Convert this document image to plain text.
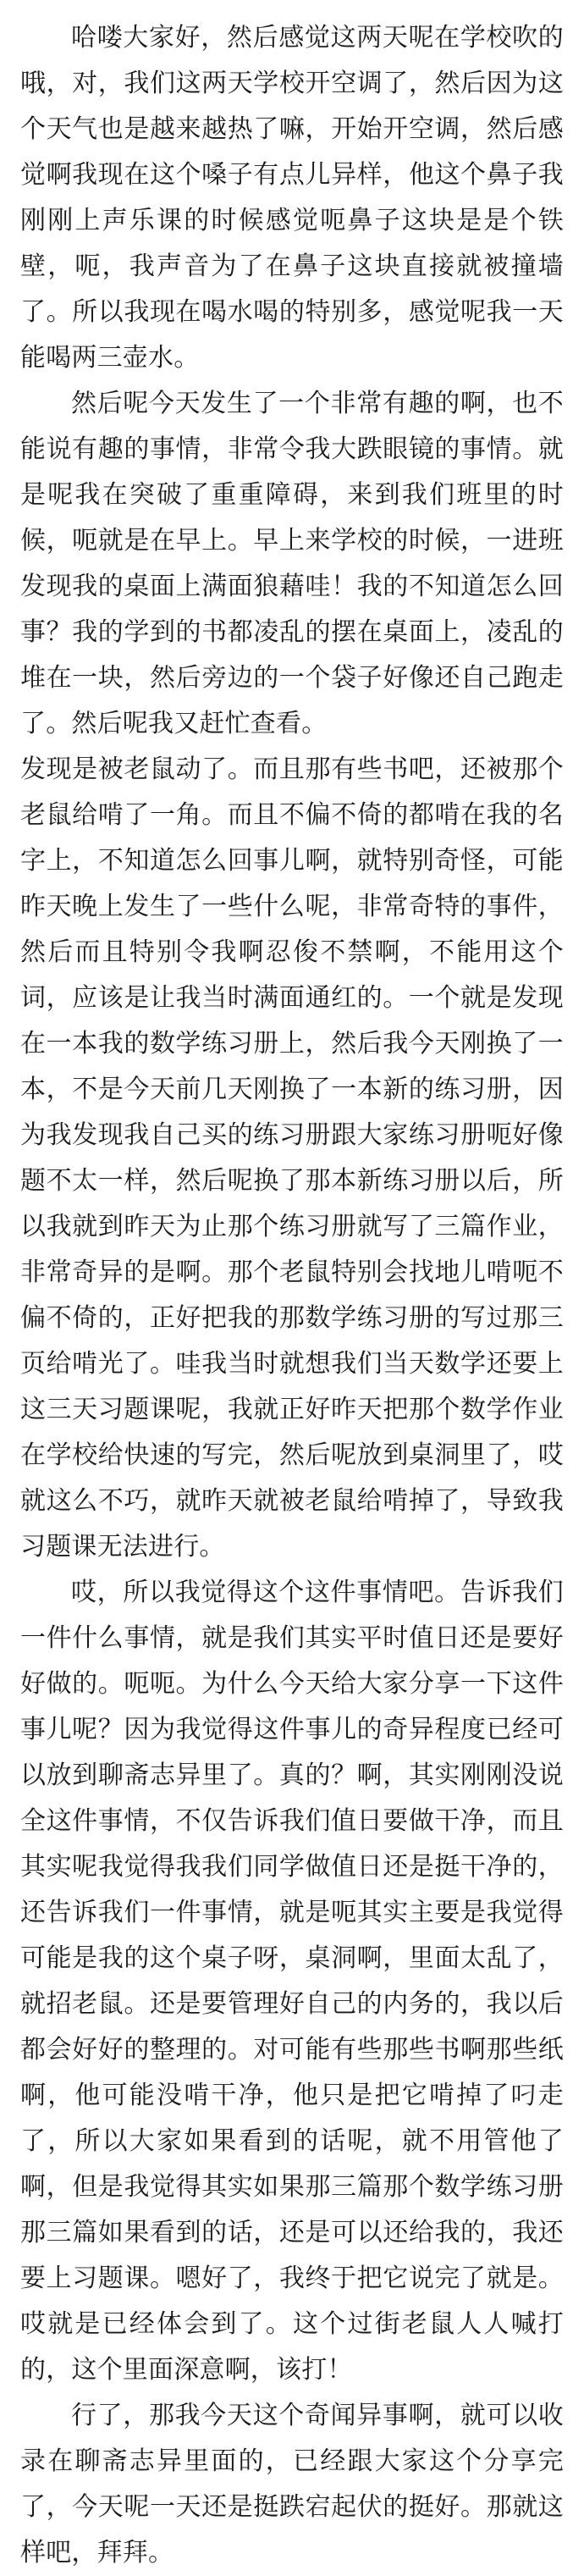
哈喽大家好，然后感觉这两天呢在学校吹的哦，对，我们这两天学校开空调了，然后因为这个天气也是越来越热了嘛，开始开空调，然后感觉啊我现在这个嗓子有点儿异样，他这个鼻子我刚刚上声乐课的时候感觉呃鼻子这块是是个铁壁，呃，我声音为了在鼻子这块直接就被撞墙了。所以我现在喝水喝的特别多，感觉呢我一天能喝两三壶水。

然后呢今天发生了一个非常有趣的啊，也不能说有趣的事情，非常令我大跌眼镜的事情。就是呢我在突破了重重障碍，来到我们班里的时候，呃就是在早上。早上来学校的时候，一进班发现我的桌面上满面狼藉哇！我的不知道怎么回事？我的学到的书都凌乱的摆在桌面上，凌乱的堆在一块，然后旁边的一个袋子好像还自己跑走了。然后呢我又赶忙查看。

发现是被老鼠动了。而且那有些书吧，还被那个老鼠给啃了一角。而且不偏不倚的都啃在我的名字上，不知道怎么回事儿啊，就特别奇怪，可能昨天晚上发生了一些什么呢，非常奇特的事件，然后而且特别令我啊忍俊不禁啊，不能用这个词，应该是让我当时满面通红的。一个就是发现在一本我的数学练习册上，然后我今天刚换了一本，不是今天前几天刚换了一本新的练习册，因为我发现我自己买的练习册跟大家练习册呃好像题不太一样，然后呢换了那本新练习册以后，所以我就到昨天为止那个练习册就写了三篇作业，非常奇异的是啊。那个老鼠特别会找地儿啃呃不偏不倚的，正好把我的那数学练习册的写过那三页给啃光了。哇我当时就想我们当天数学还要上这三天习题课呢，我就正好昨天把那个数学作业在学校给快速的写完，然后呢放到桌洞里了，哎就这么不巧，就昨天就被老鼠给啃掉了，导致我习题课无法进行。

哎，所以我觉得这个这件事情吧。告诉我们一件什么事情，就是我们其实平时值日还是要好好做的。呃呃。为什么今天给大家分享一下这件事儿呢？因为我觉得这件事儿的奇异程度已经可以放到聊斋志异里了。真的？啊，其实刚刚没说全这件事情，不仅告诉我们值日要做干净，而且其实呢我觉得我我们同学做值日还是挺干净的，还告诉我们一件事情，就是呃其实主要是我觉得可能是我的这个桌子呀，桌洞啊，里面太乱了，就招老鼠。还是要管理好自己的内务的，我以后都会好好的整理的。对可能有些那些书啊那些纸啊，他可能没啃干净，他只是把它啃掉了叼走了，所以大家如果看到的话呢，就不用管他了啊，但是我觉得其实如果那三篇那个数学练习册那三篇如果看到的话，还是可以还给我的，我还要上习题课。嗯好了，我终于把它说完了就是。哎就是已经体会到了。这个过街老鼠人人喊打的，这个里面深意啊，该打！

行了，那我今天这个奇闻异事啊，就可以收录在聊斋志异里面的，已经跟大家这个分享完了，今天呢一天还是挺跌宕起伏的挺好。那就这样吧，拜拜。
